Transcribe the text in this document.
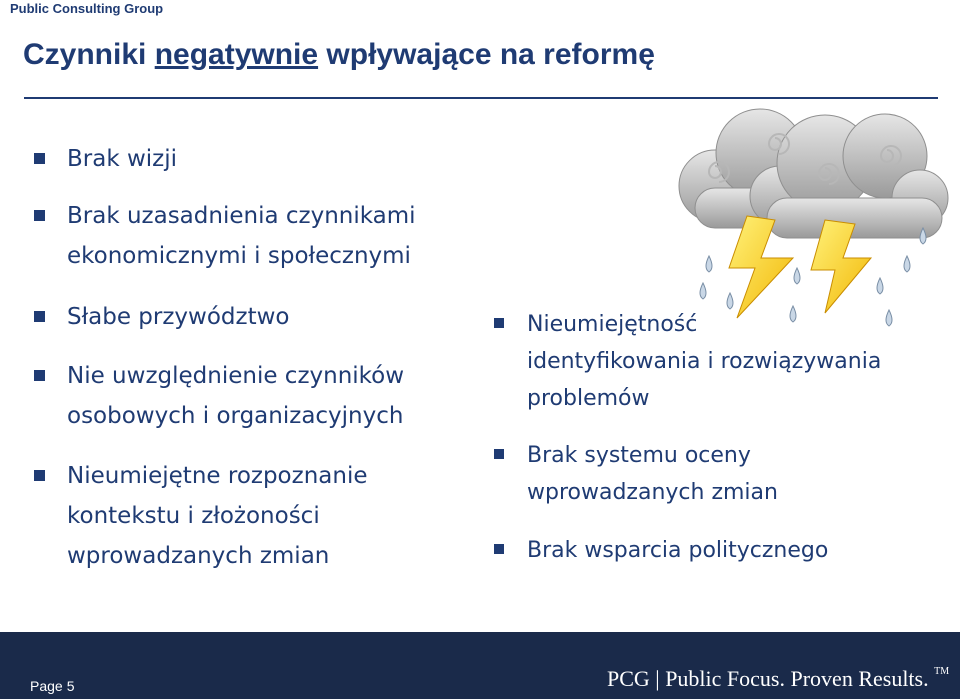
Public Consulting Group
Czynniki negatywnie wpływające na reformę
Brak wizji
Brak uzasadnienia czynnikami
ekonomicznymi i społecznymi
Słabe przywództwo
Nie uwzględnienie czynników
osobowych i organizacyjnych
Nieumiejętne rozpoznanie
kontekstu i złożoności
wprowadzanych zmian
Nieumiejętność
identyfikowania i rozwiązywania
problemów
Brak systemu oceny
wprowadzanych zmian
Brak wsparcia politycznego
Page 5	PCG | Public Focus. Proven Results. ™
